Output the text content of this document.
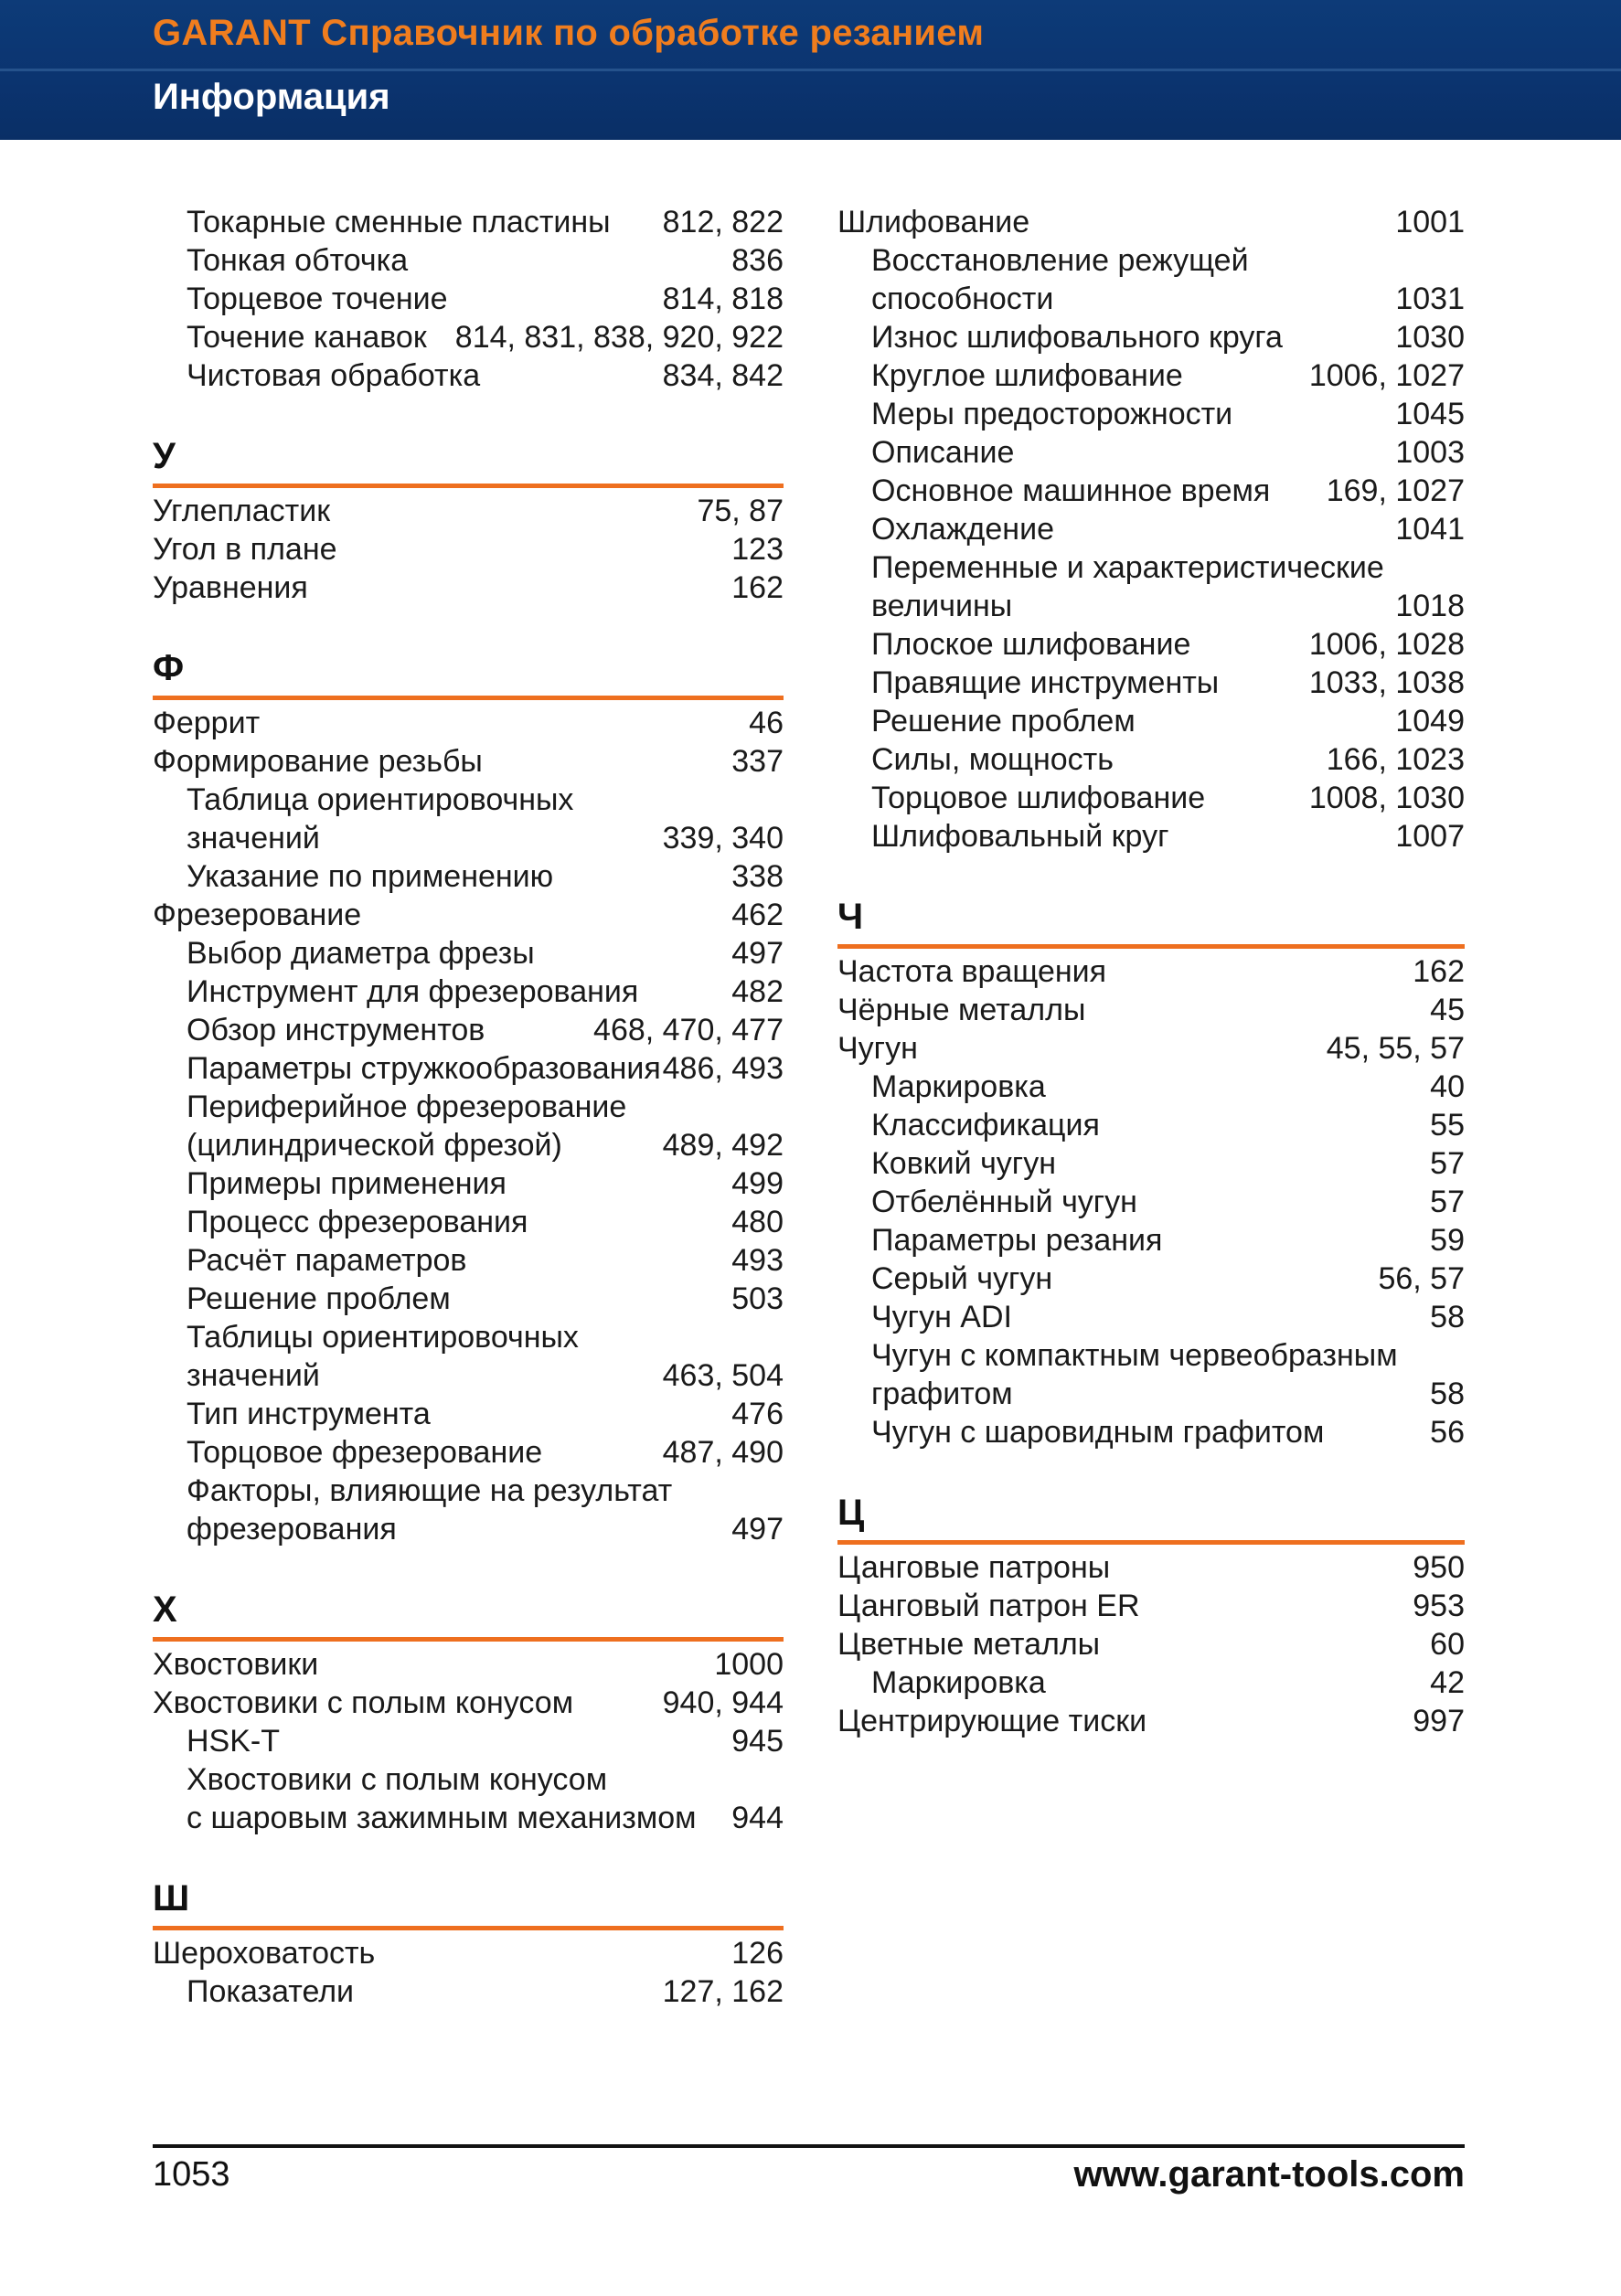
GARANT Справочник по обработке резанием
Информация
Токарные сменные пластины 812, 822
Тонкая обточка	836
Торцевое точение	814, 818
Точение канавок 814, 831, 838, 920, 922
Чистовая обработка	834, 842
У
Углепластик	75, 87
Угол в плане	123
Уравнения	162
Ф
Феррит	46
Формирование резьбы	337
Таблица ориентировочных
значений	339, 340
Указание по применению	338
Фрезерование	462
Выбор диаметра фрезы	497
Инструмент для фрезерования	482
Обзор инструментов	468, 470, 477
Параметры стружкообразования 486, 493
Периферийное фрезерование
(цилиндрической фрезой)	489, 492
Примеры применения	499
Процесс фрезерования	480
Расчёт параметров	493
Решение проблем	503
Таблицы ориентировочных
значений	463, 504
Тип инструмента	476
Торцовое фрезерование	487, 490
Факторы, влияющие на результат
фрезерования	497
Х
Хвостовики	1000
Хвостовики с полым конусом	940, 944
HSK-T	945
Хвостовики с полым конусом
с шаровым зажимным механизмом 944
Ш
Шероховатость	126
Показатели	127, 162
Шлифование	1001
Восстановление режущей
способности	1031
Износ шлифовального круга	1030
Круглое шлифование	1006, 1027
Меры предосторожности	1045
Описание	1003
Основное машинное время 169, 1027
Охлаждение	1041
Переменные и характеристические
величины	1018
Плоское шлифование	1006, 1028
Правящие инструменты	1033, 1038
Решение проблем	1049
Силы, мощность	166, 1023
Торцовое шлифование	1008, 1030
Шлифовальный круг	1007
Ч
Частота вращения	162
Чёрные металлы	45
Чугун	45, 55, 57
Маркировка	40
Классификация	55
Ковкий чугун	57
Отбелённый чугун	57
Параметры резания	59
Серый чугун	56, 57
Чугун ADI	58
Чугун с компактным червеобразным
графитом	58
Чугун с шаровидным графитом	56
Ц
Цанговые патроны	950
Цанговый патрон ER	953
Цветные металлы	60
Маркировка	42
Центрирующие тиски	997
1053	www.garant-tools.com
